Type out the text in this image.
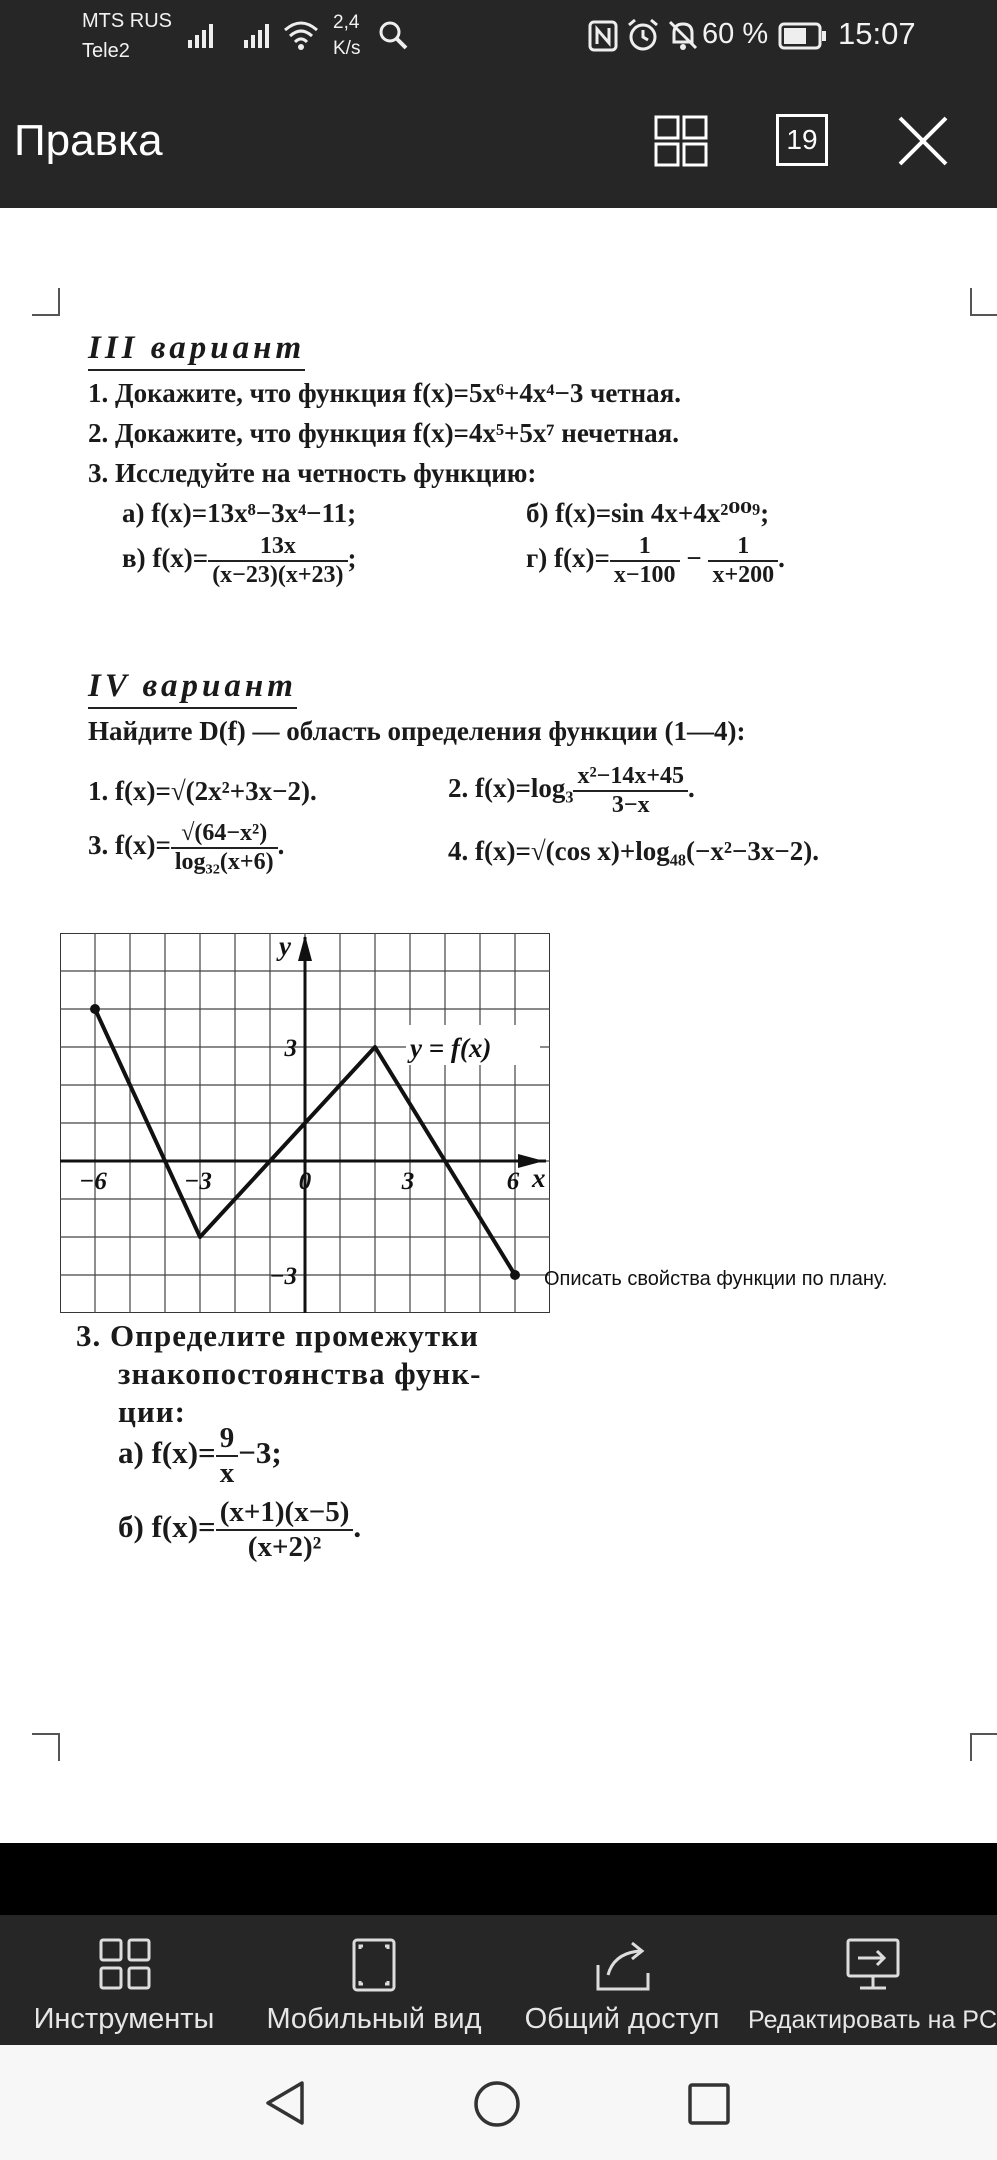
MTS RUS
Tele2
2,4
K/s	60 % 15:07
Правка	19
III вариант
1. Докажите, что функция f(x)=5x⁶+4x⁴−3 четная.
2. Докажите, что функция f(x)=4x⁵+5x⁷ нечетная.
3. Исследуйте на четность функцию:
а) f(x)=13x⁸−3x⁴−11;	б) f(x)=sin 4x+4x²⁰⁰⁹;
в) $f(x)= \frac{13x}{(x-23)(x+23)}$ ;	г) $f(x)= \frac{1}{x-100} - \frac{1}{x+200}$ .
IV вариант
Найдите D(f) — область определения функции (1—4):
1. f(x)=√(2x²+3x−2).	2. $f(x)=\log_3 \frac{\text{x²−14x+45}}{3-x}$ .
3. $f(x)= \frac{\text{√(64−x²)}}{\text{log₃₂(x+6)}}$ .	4. f(x)=√(cos x)+log₄₈(−x²−3x−2).
−6	−3	0	3	6
3
−3
x
y
y = f(x)
Описать свойства функции по плану.
3. Определите промежутки
знакопостоянства функ-
ции:
а) $f(x)= \frac{9}{x} -3$;
б) $f(x)= \frac{(x+1)(x-5)}{\text{(x+2)²}}$ .
Инструменты	Мобильный вид	Общий доступ	Редактировать на PC
